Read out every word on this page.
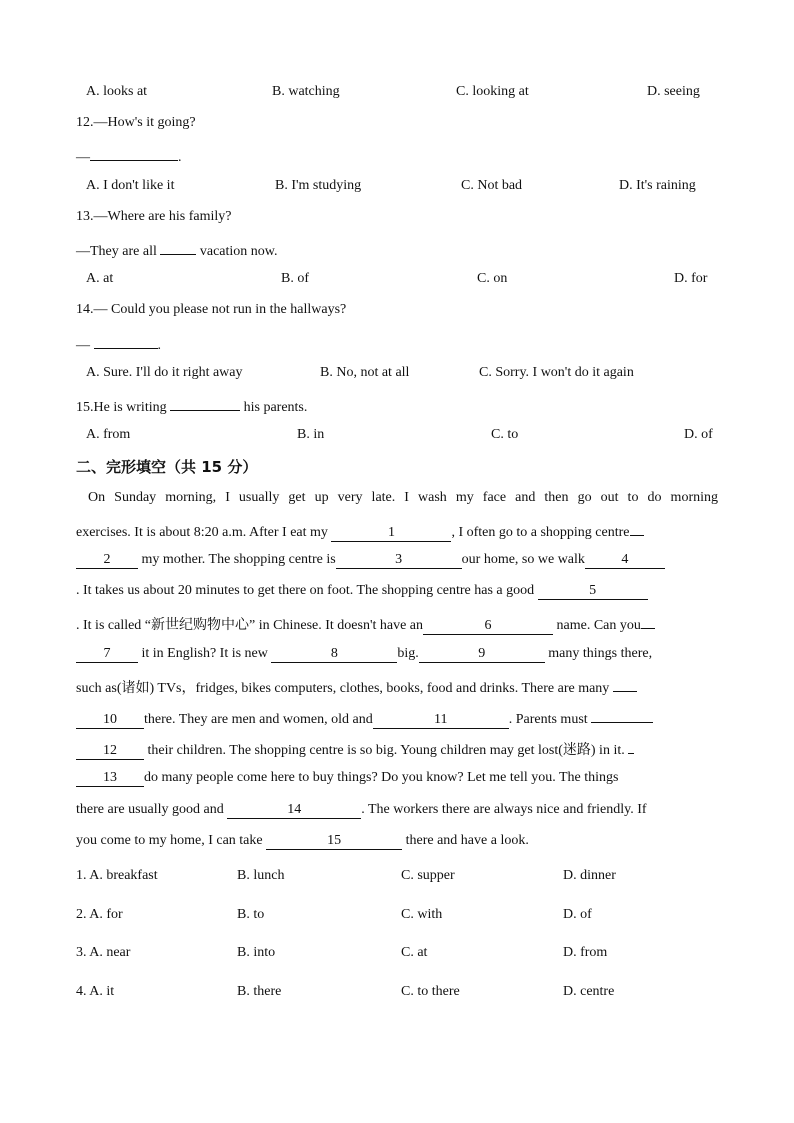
A. looks at	B. watching	C. looking at	D. seeing
12.—How's it going?
—	.
A. I don't like it	B. I'm studying	C. Not bad	D. It's raining
13.—Where are his family?
—They are all	vacation now.
A. at	B. of	C. on	D. for
14.— Could you please not run in the hallways?
—	.
A. Sure. I'll do it right away	B. No, not at all	C. Sorry. I won't do it again
15.He is writing	his parents.
A. from	B. in	C. to	D. of
二、完形填空（共 15 分）
On Sunday morning, I usually get up very late. I wash my face and then go out to do morning
exercises. It is about 8:20 a.m. After I eat my	1	, I often go to a shopping centre
2 my mother. The shopping centre is	3	our home, so we walk	4
. It takes us about 20 minutes to get there on foot. The shopping centre has a good	5
. It is called “新世纪购物中心” in Chinese. It doesn't have an	6	name. Can you
7 it in English? It is new	8	big.	9	many things there,
such as(诸如) TVs，fridges, bikes computers, clothes, books, food and drinks. There are many
10 there. They are men and women, old and	11	. Parents must
12 their children. The shopping centre is so big. Young children may get lost(迷路) in it.
13 do many people come here to buy things? Do you know? Let me tell you. The things
there are usually good and	14	. The workers there are always nice and friendly. If
you come to my home, I can take	15	there and have a look.
1. A. breakfast	B. lunch	C. supper	D. dinner
2. A. for	B. to	C. with	D. of
3. A. near	B. into	C. at	D. from
4. A. it	B. there	C. to there	D. centre
